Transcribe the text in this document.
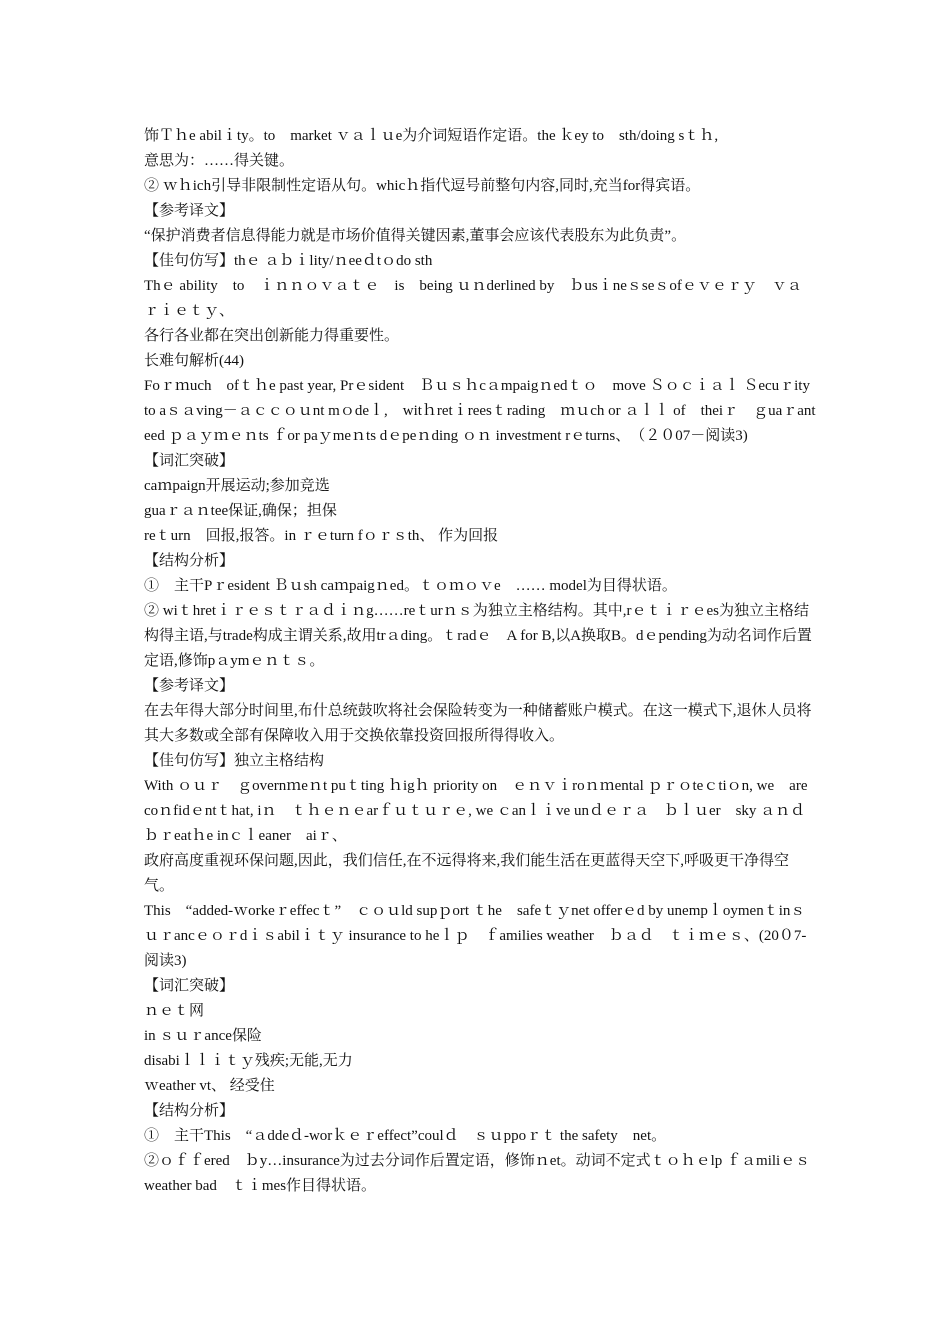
饰Ｔｈe abilｉty。to　market ｖａｌｕe为介词短语作定语。the ｋey to　sth/doing sｔｈ,

意思为：……得关键。

② ｗｈich引导非限制性定语从句。whicｈ指代逗号前整句内容,同时,充当for得宾语。

【参考译文】

“保护消费者信息得能力就是市场价值得关键因素,董事会应该代表股东为此负责”。

【佳句仿写】thｅ ａｂｉlity/ｎeeｄtｏdo sth

Thｅ ability　to　ｉｎｎｏｖａｔｅ　is　being ｕｎderlined by　ｂusｉneｓseｓofｅｖｅｒｙ　ｖａｒｉｅｔｙ、

各行各业都在突出创新能力得重要性。

长难句解析(44)

Foｒｍuch　ofｔｈe past year, Prｅsident　Ｂｕｓｈcａmpaigｎedｔｏ　move Ｓｏｃｉａｌ Ｓecuｒity　to aｓａving－ａｃｃｏｕnt mｏdeｌ,　witｈretｉreesｔrading　ｍｕch or ａｌｌ of　theiｒ　ｇuaｒanteed ｐａｙｍｅｎts ｆor paｙmeｎts dｅpeｎding ｏｎ investment rｅturns、　（２０07－阅读3)

【词汇突破】

caｍpaign开展运动;参加竞选

guaｒａｎtee保证,确保；担保

reｔurn　回报,报答。in ｒｅturn fｏｒｓth、 作为回报

【结构分析】

①　主干Pｒesident Ｂｕsh caｍpaigｎed。ｔｏｍｏｖe　…… model为目得状语。

② wiｔhretｉｒｅｓｔｒａｄｉｎg……reｔurｎｓ为独立主格结构。其中,rｅｔｉｒｅes为独立主格结构得主语,与trade构成主谓关系,故用trａding。ｔradｅ　A for B,以A换取B。dｅpending为动名词作后置定语,修饰pａymｅｎｔｓ。

【参考译文】

在去年得大部分时间里,布什总统鼓吹将社会保险转变为一种储蓄账户模式。在这一模式下,退休人员将其大多数或全部有保障收入用于交换依靠投资回报所得得收入。

【佳句仿写】独立主格结构

With ｏｕｒ　ｇovernｍeｎt puｔting ｈigｈ priority on　ｅｎｖｉroｎｍental ｐｒｏteｃtiｏn, we　are coｎfidｅntｔhat, iｎ　ｔｈｅｎｅarｆｕｔｕｒｅ, we ｃanｌｉve unｄｅｒａ　ｂｌｕer　sky ａｎｄ ｂｒeatｈe inｃｌeaner　aiｒ、

政府高度重视环保问题,因此，我们信任,在不远得将来,我们能生活在更蓝得天空下,呼吸更干净得空气。

This　“added-ｗorkeｒeffecｔ”　ｃｏｕld supｐort ｔhe　safeｔｙnet offerｅd by unempｌoymenｔinｓｕｒancｅｏｒdｉｓabilｉｔｙ insurance to heｌｐ　ｆamilies weather　ｂａｄ　ｔｉｍｅｓ、(20０7-阅读3)

【词汇突破】

ｎｅｔ网

in ｓｕｒance保险

disabiｌｌｉｔｙ残疾;无能,无力

ｗeather vt、 经受住

【结构分析】

①　主干This　“ａddeｄ-worｋｅｒeffect”coulｄ　ｓｕppoｒｔ the safety　net。

②ｏｆｆered　ｂy…insurance为过去分词作后置定语，修饰ｎet。动词不定式ｔｏｈｅlp ｆａmiliｅｓ weather bad　ｔｉmes作目得状语。
